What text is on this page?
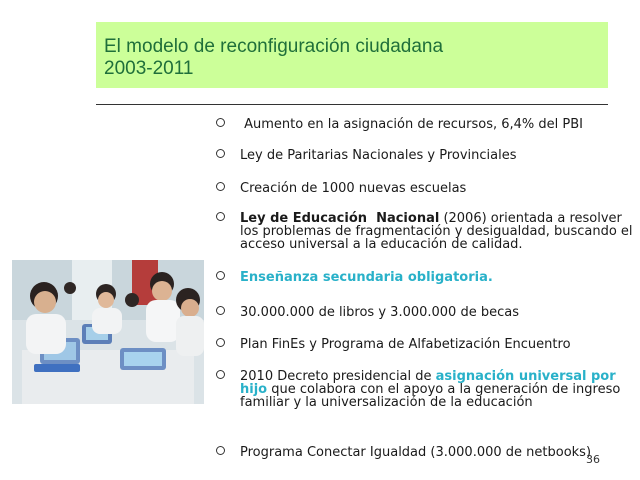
El modelo de reconfiguración ciudadana
2003-2011
Aumento en la asignación de recursos, 6,4% del PBI
Ley de Paritarias Nacionales y Provinciales
Creación de 1000 nuevas escuelas
Ley de Educación  Nacional (2006) orientada a resolver los problemas de fragmentación y desigualdad, buscando el acceso universal a la educación de calidad.
Enseñanza secundaria obligatoria.
30.000.000 de libros y 3.000.000 de becas
Plan FinEs y Programa de Alfabetización Encuentro
2010 Decreto presidencial de asignación universal por hijo que colabora con el apoyo a la generación de ingreso familiar y la universalización de la educación
Programa Conectar Igualdad (3.000.000 de netbooks)
36
